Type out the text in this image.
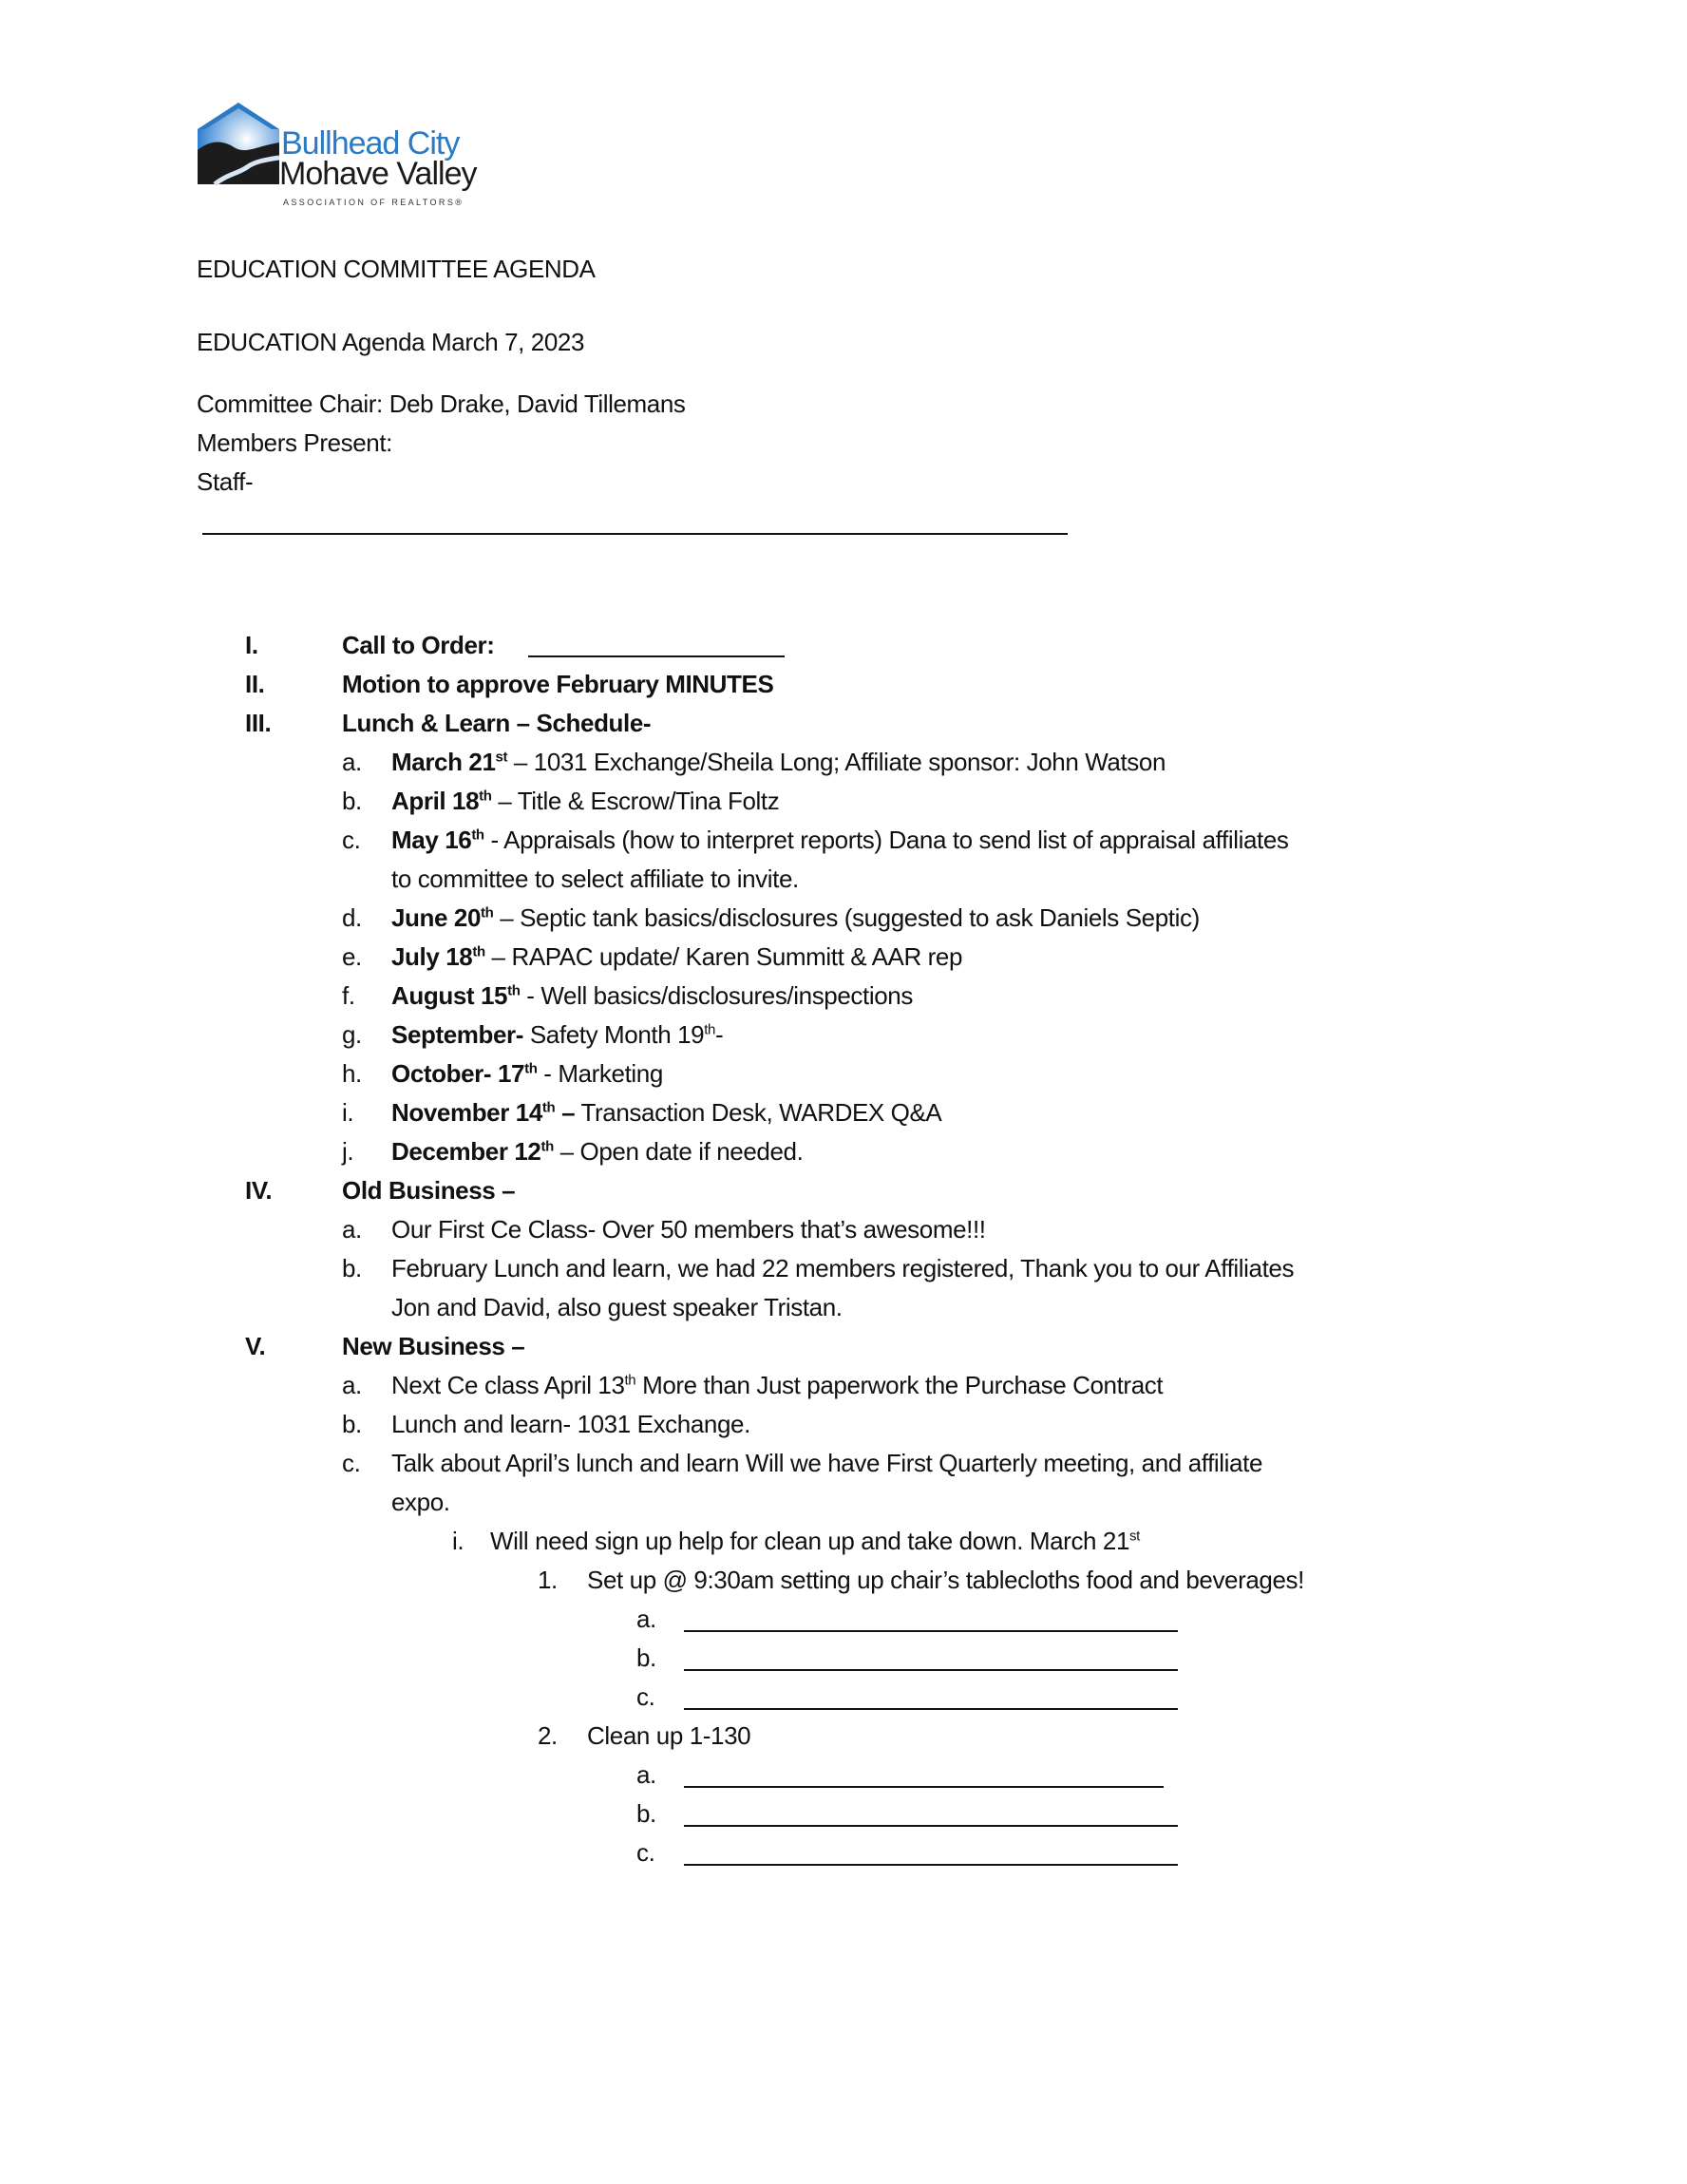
Bullhead City
Mohave Valley
ASSOCIATION OF REALTORS®
EDUCATION COMMITTEE AGENDA
EDUCATION Agenda March 7, 2023
Committee Chair: Deb Drake, David Tillemans
Members Present:
Staff-
I.	Call to Order:
II.	Motion to approve February MINUTES
III.	Lunch & Learn – Schedule-
a. March 21st – 1031 Exchange/Sheila Long; Affiliate sponsor: John Watson
b. April 18th – Title & Escrow/Tina Foltz
c. May 16th - Appraisals (how to interpret reports) Dana to send list of appraisal affiliates
to committee to select affiliate to invite.
d. June 20th – Septic tank basics/disclosures (suggested to ask Daniels Septic)
e. July 18th – RAPAC update/ Karen Summitt & AAR rep
f. August 15th - Well basics/disclosures/inspections
g. September- Safety Month 19th-
h. October- 17th - Marketing
i. November 14th – Transaction Desk, WARDEX Q&A
j. December 12th – Open date if needed.
IV.	Old Business –
a. Our First Ce Class- Over 50 members that’s awesome!!!
b. February Lunch and learn, we had 22 members registered, Thank you to our Affiliates
Jon and David, also guest speaker Tristan.
V.	New Business –
a. Next Ce class April 13th More than Just paperwork the Purchase Contract
b. Lunch and learn- 1031 Exchange.
c. Talk about April’s lunch and learn Will we have First Quarterly meeting, and affiliate
expo.
i. Will need sign up help for clean up and take down. March 21st
1. Set up @ 9:30am setting up chair’s tablecloths food and beverages!
a.
b.
c.
2. Clean up 1-130
a.
b.
c.
